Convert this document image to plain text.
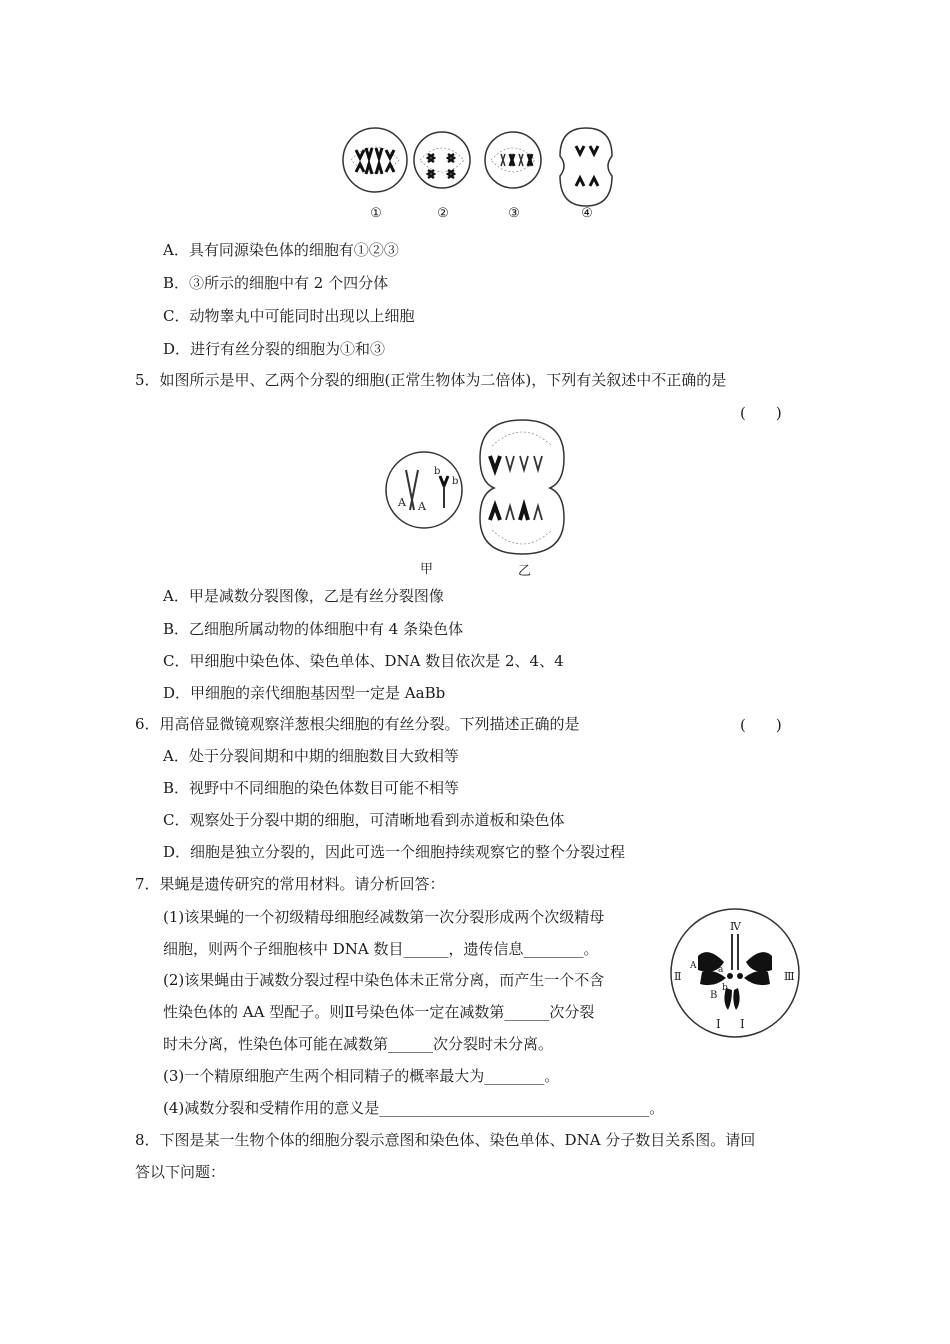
①	②	③	④
A．具有同源染色体的细胞有①②③
B．③所示的细胞中有 2 个四分体
C．动物睾丸中可能同时出现以上细胞
D．进行有丝分裂的细胞为①和③
5．如图所示是甲、乙两个分裂的细胞(正常生物体为二倍体)，下列有关叙述中不正确的是
(　　)
A A
b
b
甲	乙
A．甲是减数分裂图像，乙是有丝分裂图像
B．乙细胞所属动物的体细胞中有 4 条染色体
C．甲细胞中染色体、染色单体、DNA 数目依次是 2、4、4
D．甲细胞的亲代细胞基因型一定是 AaBb
6．用高倍显微镜观察洋葱根尖细胞的有丝分裂。下列描述正确的是	(　　)
A．处于分裂间期和中期的细胞数目大致相等
B．视野中不同细胞的染色体数目可能不相等
C．观察处于分裂中期的细胞，可清晰地看到赤道板和染色体
D．细胞是独立分裂的，因此可选一个细胞持续观察它的整个分裂过程
7．果蝇是遗传研究的常用材料。请分析回答：
(1)该果蝇的一个初级精母细胞经减数第一次分裂形成两个次级精母
细胞，则两个子细胞核中 DNA 数目______，遗传信息________。
(2)该果蝇由于减数分裂过程中染色体未正常分离，而产生一个不含
性染色体的 AA 型配子。则Ⅱ号染色体一定在减数第______次分裂
时未分离，性染色体可能在减数第______次分裂时未分离。
(3)一个精原细胞产生两个相同精子的概率最大为________。
(4)减数分裂和受精作用的意义是____________________________________。
Ⅳ
Ⅱ	Ⅲ
Ⅰ Ⅰ
A a
B
b
8．下图是某一生物个体的细胞分裂示意图和染色体、染色单体、DNA 分子数目关系图。请回
答以下问题：
